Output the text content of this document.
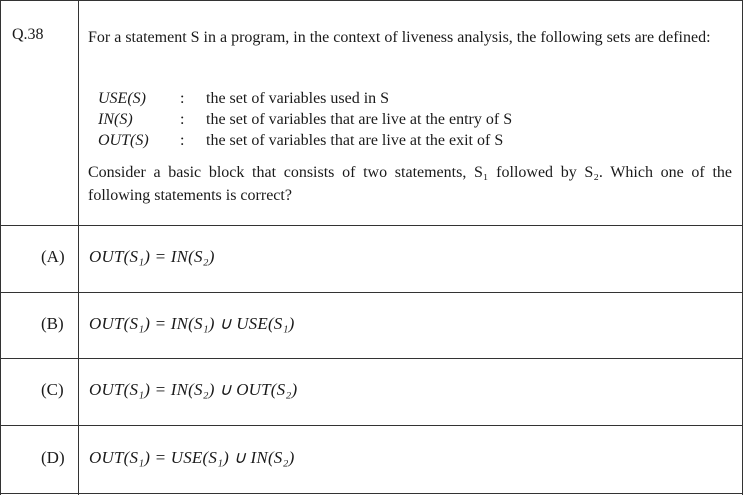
Q.38	For a statement S in a program, in the context of liveness analysis, the following sets are defined:
USE(S)	:	the set of variables used in S
IN(S)	:	the set of variables that are live at the entry of S
OUT(S)	:	the set of variables that are live at the exit of S
Consider a basic block that consists of two statements, S₁ followed by S₂. Which one of the following statements is correct?
(A) OUT(S₁) = IN(S₂)
(B) OUT(S₁) = IN(S₁) ∪ USE(S₁)
(C) OUT(S₁) = IN(S₂) ∪ OUT(S₂)
(D) OUT(S₁) = USE(S₁) ∪ IN(S₂)
